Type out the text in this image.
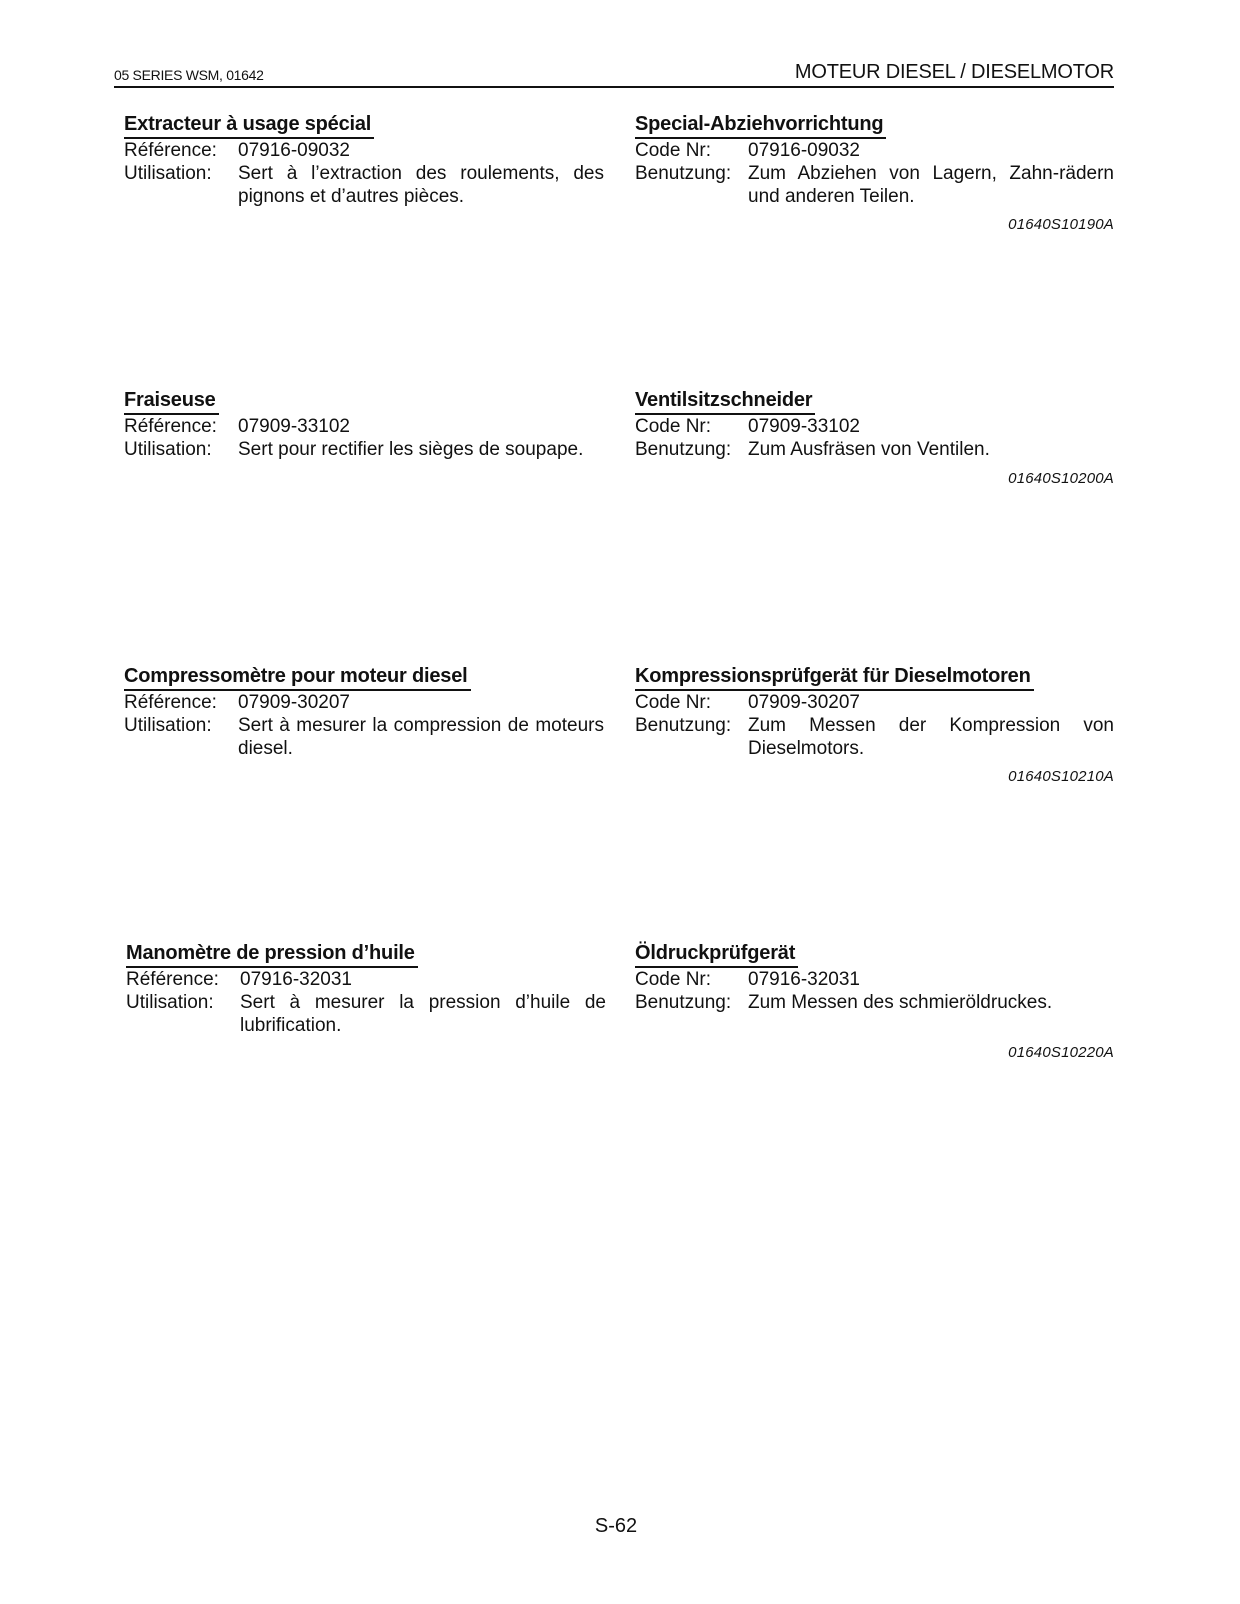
05 SERIES WSM, 01642	MOTEUR DIESEL / DIESELMOTOR
Extracteur à usage spécial
Référence:	07916-09032
Utilisation:	Sert à l’extraction des roulements, des pignons et d’autres pièces.
Special-Abziehvorrichtung
Code Nr:	07916-09032
Benutzung: Zum Abziehen von Lagern, Zahn-rädern und anderen Teilen.
01640S10190A
Fraiseuse
Référence:	07909-33102
Utilisation:	Sert pour rectifier les sièges de soupape.
Ventilsitzschneider
Code Nr:	07909-33102
Benutzung: Zum Ausfräsen von Ventilen.
01640S10200A
Compressomètre pour moteur diesel
Référence:	07909-30207
Utilisation:	Sert à mesurer la compression de moteurs diesel.
Kompressionsprüfgerät für Dieselmotoren
Code Nr:	07909-30207
Benutzung: Zum Messen der Kompression von Dieselmotors.
01640S10210A
Manomètre de pression d’huile
Référence:	07916-32031
Utilisation:	Sert à mesurer la pression d’huile de lubrification.
Öldruckprüfgerät
Code Nr:	07916-32031
Benutzung: Zum Messen des schmieröldruckes.
01640S10220A
S-62
